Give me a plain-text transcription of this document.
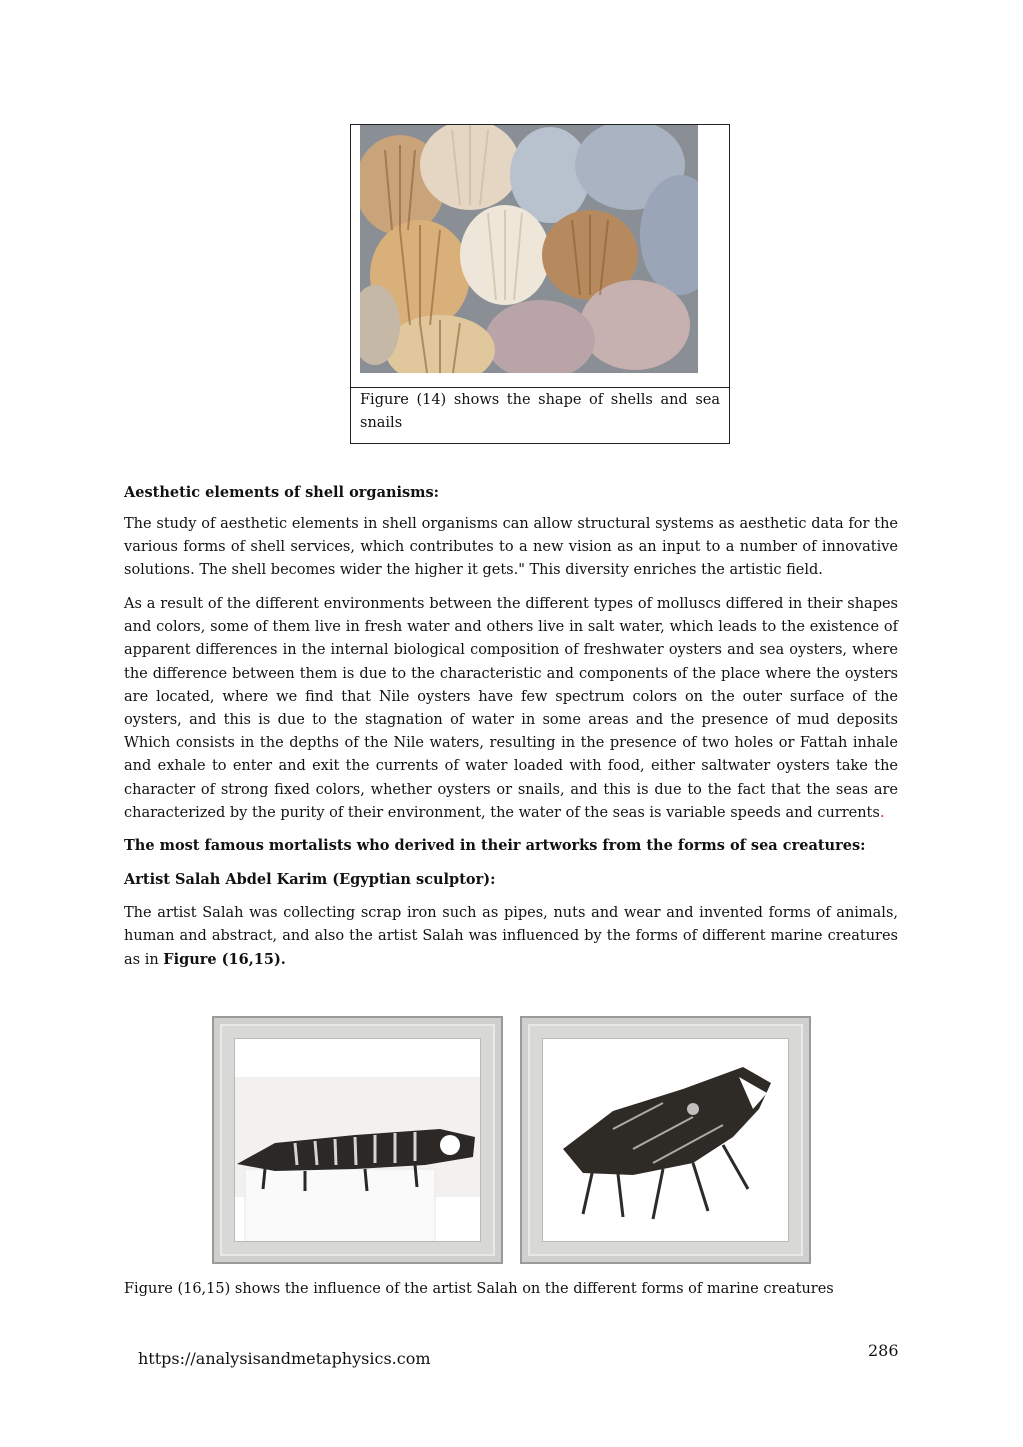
Figure (14) shows the shape of shells and sea snails
Aesthetic elements of shell organisms:
The study of aesthetic elements in shell organisms can allow structural systems as aesthetic data for the various forms of shell services, which contributes to a new vision as an input to a number of innovative solutions. The shell becomes wider the higher it gets." This diversity enriches the artistic field.
As a result of the different environments between the different types of molluscs differed in their shapes and colors, some of them live in fresh water and others live in salt water, which leads to the existence of apparent differences in the internal biological composition of freshwater oysters and sea oysters, where the difference between them is due to the characteristic and components of the place where the oysters are located, where we find that Nile oysters have few spectrum colors on the outer surface of the oysters, and this is due to the stagnation of water in some areas and the presence of mud deposits Which consists in the depths of the Nile waters, resulting in the presence of two holes or Fattah inhale and exhale to enter and exit the currents of water loaded with food, either saltwater oysters take the character of strong fixed colors, whether oysters or snails, and this is due to the fact that the seas are characterized by the purity of their environment, the water of the seas is variable speeds and currents.
The most famous mortalists who derived in their artworks from the forms of sea creatures:
Artist Salah Abdel Karim (Egyptian sculptor):
The artist Salah was collecting scrap iron such as pipes, nuts and wear and invented forms of animals, human and abstract, and also the artist Salah was influenced by the forms of different marine creatures as in Figure (16,15).
Figure (16,15) shows the influence of the artist Salah on the different forms of marine creatures
https://analysisandmetaphysics.com	286
